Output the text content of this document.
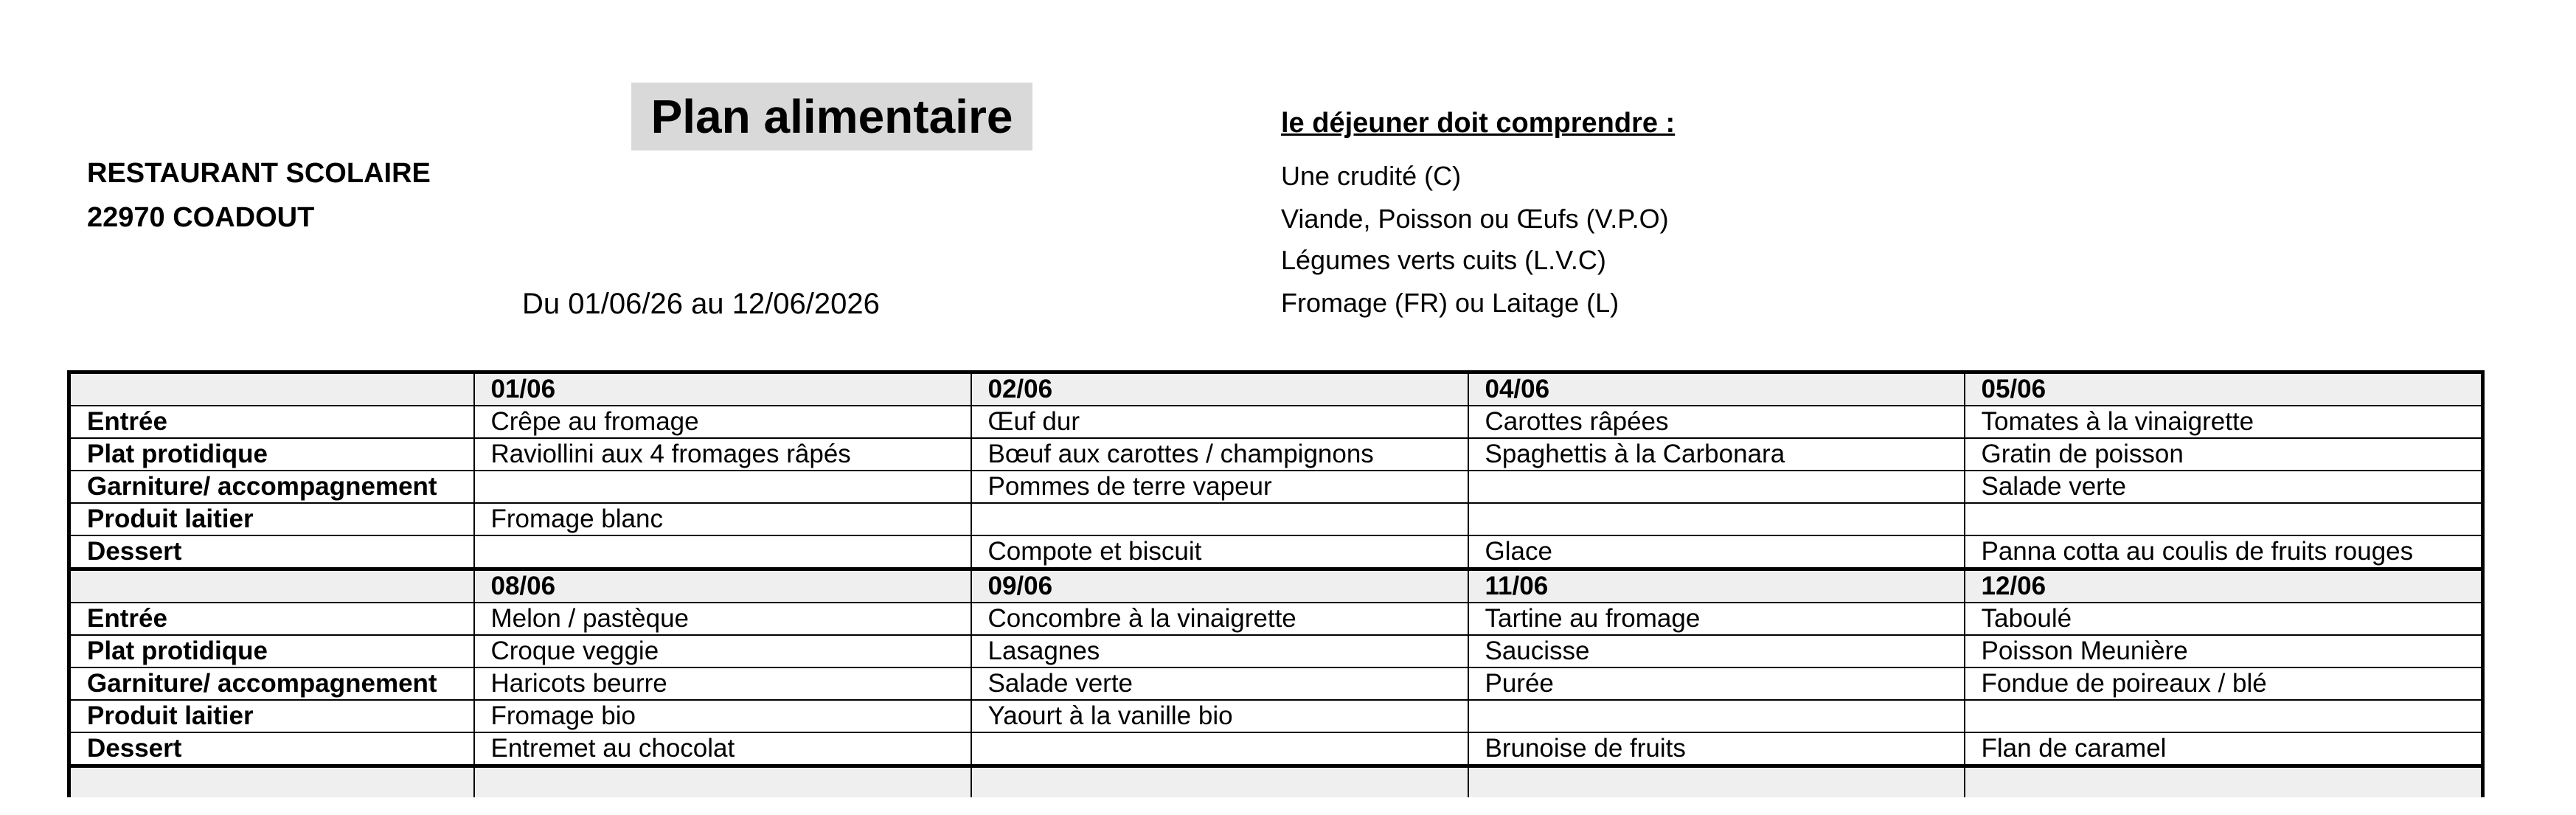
Plan alimentaire
RESTAURANT SCOLAIRE
22970 COADOUT
Du 01/06/26 au 12/06/2026
le déjeuner doit comprendre :
Une crudité (C)
Viande, Poisson ou Œufs (V.P.O)
Légumes verts cuits (L.V.C)
Fromage (FR) ou Laitage (L)
	01/06	02/06	04/06	05/06
Entrée	Crêpe au fromage	Œuf dur	Carottes râpées	Tomates à la vinaigrette
Plat protidique	Raviollini aux 4 fromages râpés	Bœuf aux carottes / champignons	Spaghettis à la Carbonara	Gratin de poisson
Garniture/ accompagnement		Pommes de terre vapeur		Salade verte
Produit laitier	Fromage blanc			
Dessert		Compote et biscuit	Glace	Panna cotta au coulis de fruits rouges
	08/06	09/06	11/06	12/06
Entrée	Melon / pastèque	Concombre à la vinaigrette	Tartine au fromage	Taboulé
Plat protidique	Croque veggie	Lasagnes	Saucisse	Poisson Meunière
Garniture/ accompagnement	Haricots beurre	Salade verte	Purée	Fondue de poireaux / blé
Produit laitier	Fromage bio	Yaourt à la vanille bio		
Dessert	Entremet au chocolat		Brunoise de fruits	Flan de caramel
